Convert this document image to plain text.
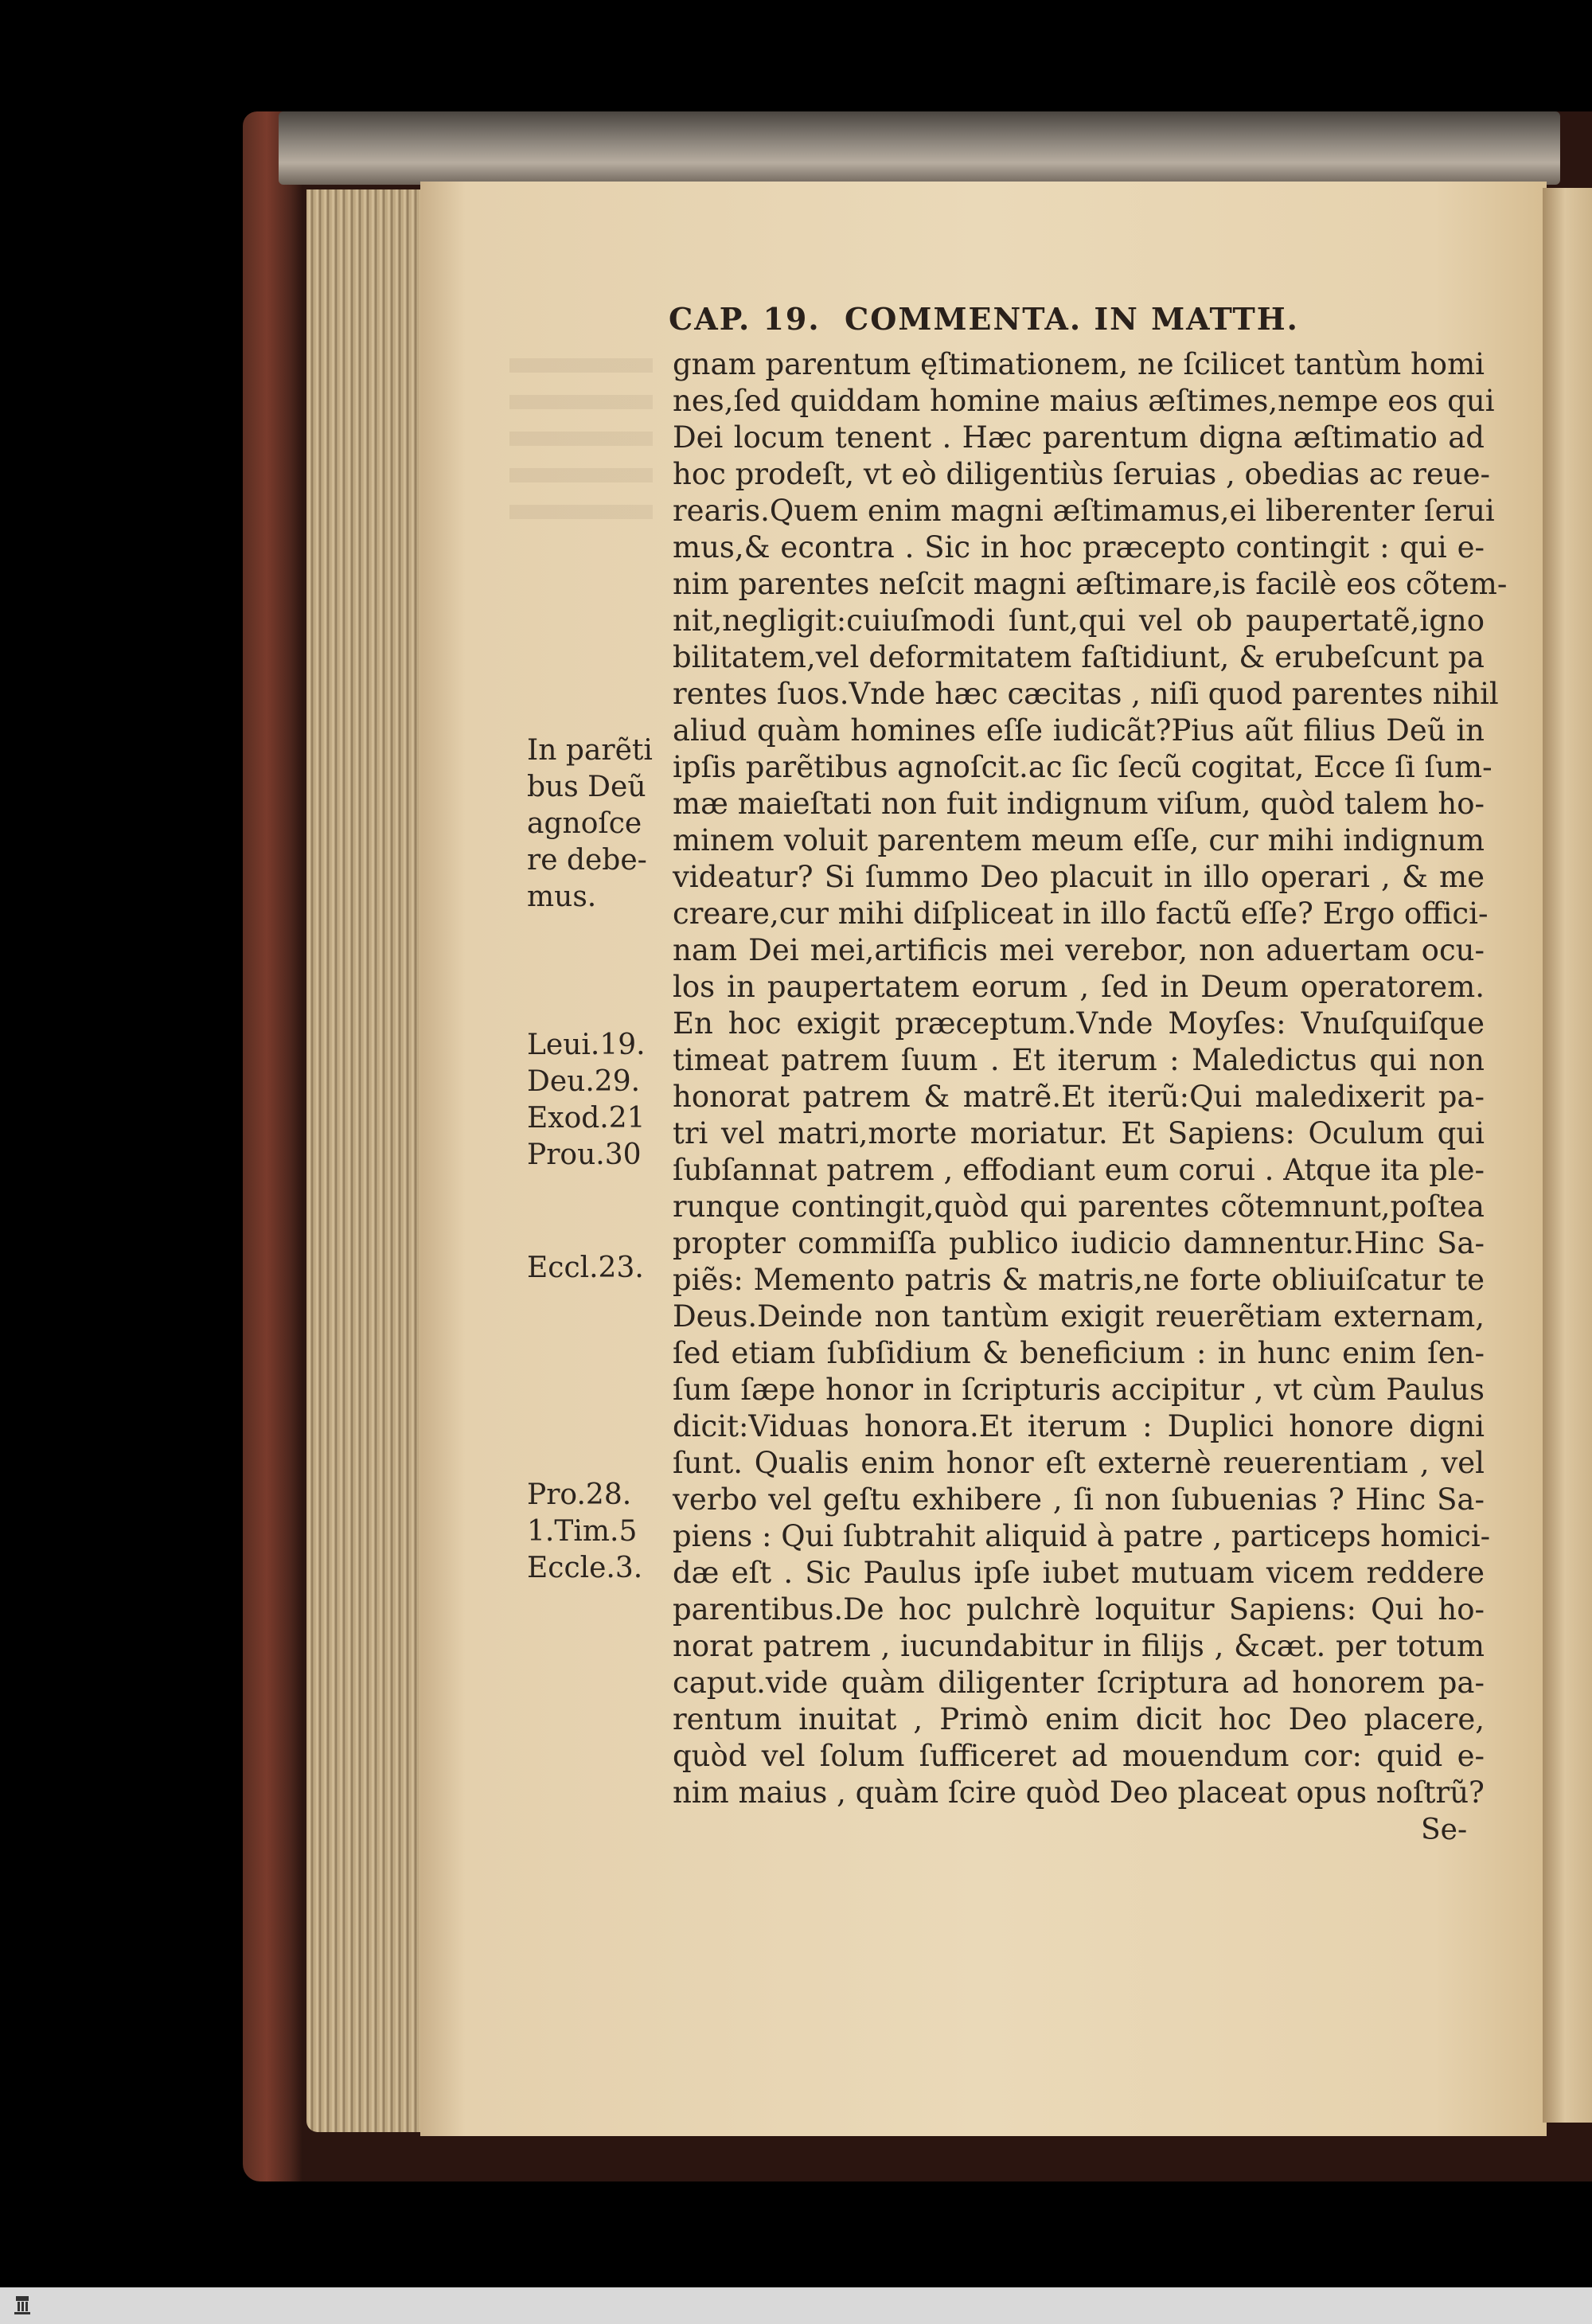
CAP. 19.  COMMENTA. IN MATTH.
gnam parentum ęſtimationem, ne ſcilicet tantùm homi
nes,ſed quiddam homine maius æſtimes,nempe eos qui
Dei locum tenent . Hæc parentum digna æſtimatio ad
hoc prodeſt, vt eò diligentiùs ſeruias , obedias ac reue-
rearis.Quem enim magni æſtimamus,ei liberenter ſerui
mus,& econtra . Sic in hoc præcepto contingit : qui e-
nim parentes neſcit magni æſtimare,is facilè eos cõtem-
nit,negligit:cuiuſmodi ſunt,qui vel ob paupertatẽ,igno
bilitatem,vel deformitatem faſtidiunt, & erubeſcunt pa
rentes ſuos.Vnde hæc cæcitas , niſi quod parentes nihil
aliud quàm homines eſſe iudicãt?Pius aũt filius Deũ in
ipſis parẽtibus agnoſcit.ac ſic ſecũ cogitat, Ecce ſi ſum-
mæ maieſtati non fuit indignum viſum, quòd talem ho-
minem voluit parentem meum eſſe, cur mihi indignum
videatur? Si ſummo Deo placuit in illo operari , & me
creare,cur mihi diſpliceat in illo factũ eſſe? Ergo offici-
nam Dei mei,artificis mei verebor, non aduertam ocu-
los in paupertatem eorum , ſed in Deum operatorem.
En hoc exigit præceptum.Vnde Moyſes: Vnuſquiſque
timeat patrem ſuum . Et iterum : Maledictus qui non
honorat patrem & matrẽ.Et iterũ:Qui maledixerit pa-
tri vel matri,morte moriatur. Et Sapiens: Oculum qui
ſubſannat patrem , effodiant eum corui . Atque ita ple-
runque contingit,quòd qui parentes cõtemnunt,poſtea
propter commiſſa publico iudicio damnentur.Hinc Sa-
piẽs: Memento patris & matris,ne forte obliuiſcatur te
Deus.Deinde non tantùm exigit reuerẽtiam externam,
ſed etiam ſubſidium & beneficium : in hunc enim ſen-
ſum ſæpe honor in ſcripturis accipitur , vt cùm Paulus
dicit:Viduas honora.Et iterum : Duplici honore digni
ſunt. Qualis enim honor eſt externè reuerentiam , vel
verbo vel geſtu exhibere , ſi non ſubuenias ? Hinc Sa-
piens : Qui ſubtrahit aliquid à patre , particeps homici-
dæ eſt . Sic Paulus ipſe iubet mutuam vicem reddere
parentibus.De hoc pulchrè loquitur Sapiens: Qui ho-
norat patrem , iucundabitur in filijs , &cæt. per totum
caput.vide quàm diligenter ſcriptura ad honorem pa-
rentum inuitat , Primò enim dicit hoc Deo placere,
quòd vel ſolum ſufficeret ad mouendum cor: quid e-
nim maius , quàm ſcire quòd Deo placeat opus noſtrũ?
In parẽti
bus Deũ
agnoſce
re debe-
mus.
Leui.19.
Deu.29.
Exod.21
Prou.30
Eccl.23.
Pro.28.
1.Tim.5
Eccle.3.
Se-
